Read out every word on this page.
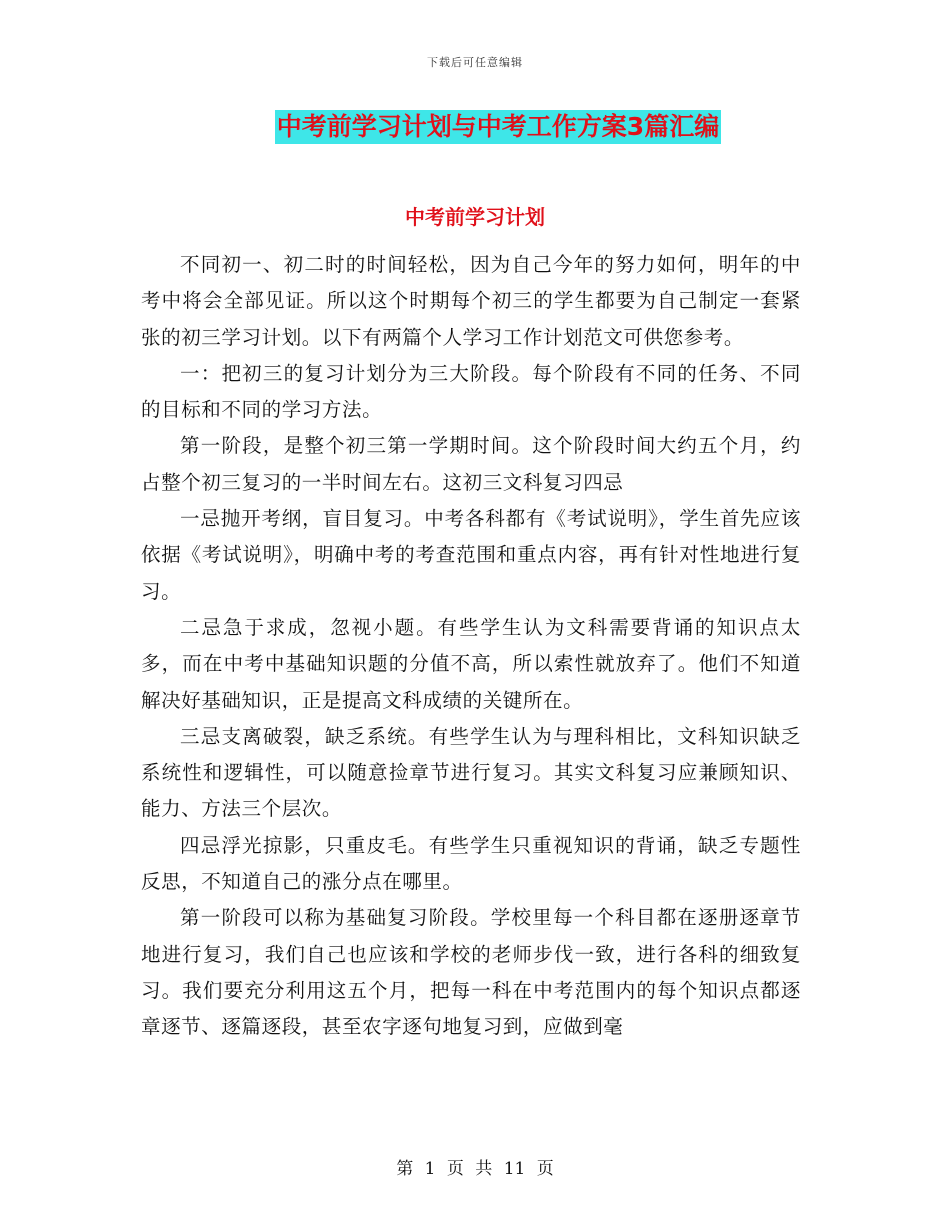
下载后可任意编辑
中考前学习计划与中考工作方案3篇汇编
中考前学习计划

不同初一、初二时的时间轻松，因为自己今年的努力如何，明年的中考中将会全部见证。所以这个时期每个初三的学生都要为自己制定一套紧张的初三学习计划。以下有两篇个人学习工作计划范文可供您参考。

一：把初三的复习计划分为三大阶段。每个阶段有不同的任务、不同的目标和不同的学习方法。

第一阶段，是整个初三第一学期时间。这个阶段时间大约五个月，约占整个初三复习的一半时间左右。这初三文科复习四忌

一忌抛开考纲，盲目复习。中考各科都有《考试说明》，学生首先应该依据《考试说明》，明确中考的考查范围和重点内容，再有针对性地进行复习。

二忌急于求成，忽视小题。有些学生认为文科需要背诵的知识点太多，而在中考中基础知识题的分值不高，所以索性就放弃了。他们不知道解决好基础知识，正是提高文科成绩的关键所在。

三忌支离破裂，缺乏系统。有些学生认为与理科相比，文科知识缺乏系统性和逻辑性，可以随意捡章节进行复习。其实文科复习应兼顾知识、能力、方法三个层次。

四忌浮光掠影，只重皮毛。有些学生只重视知识的背诵，缺乏专题性反思，不知道自己的涨分点在哪里。

第一阶段可以称为基础复习阶段。学校里每一个科目都在逐册逐章节地进行复习，我们自己也应该和学校的老师步伐一致，进行各科的细致复习。我们要充分利用这五个月，把每一科在中考范围内的每个知识点都逐章逐节、逐篇逐段，甚至农字逐句地复习到，应做到毫

第 1 页 共 11 页
